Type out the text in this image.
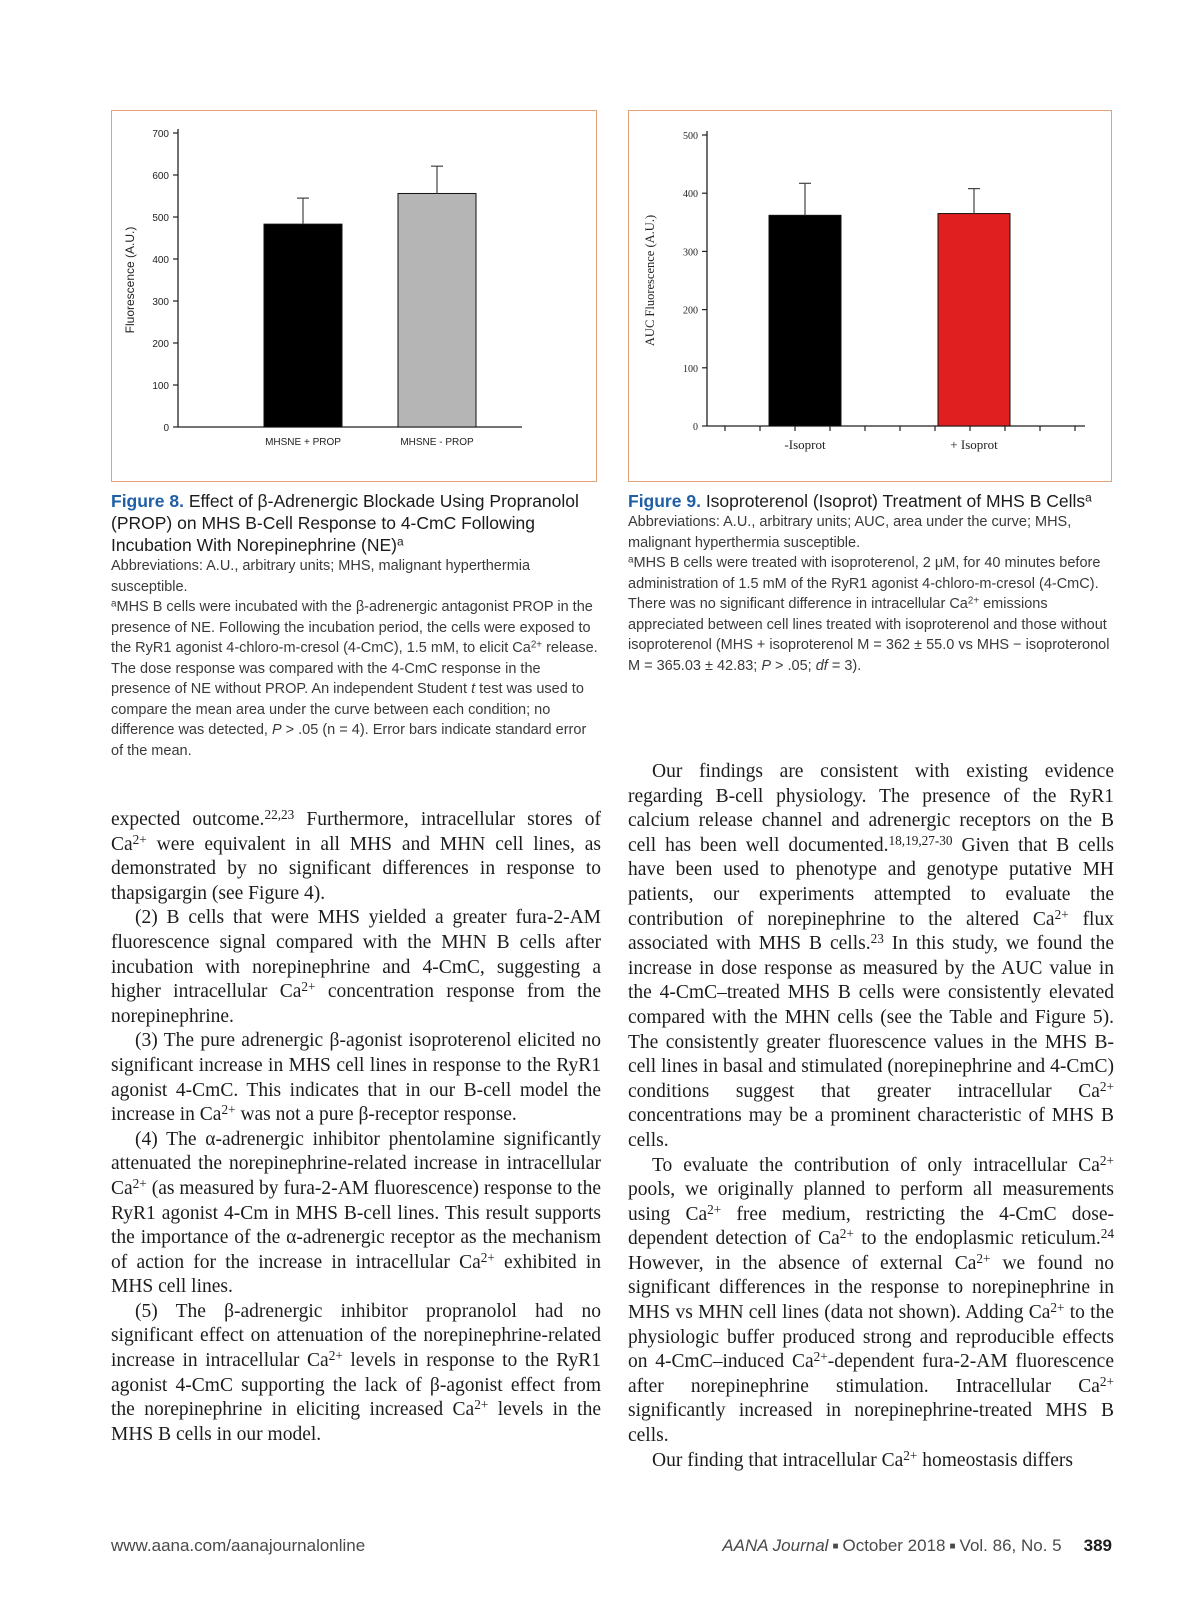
0
100
200
300
400
500
600
700
Fluorescence (A.U.)
MHSNE + PROP	MHSNE - PROP
0
100
200
300
400
500
AUC Fluorescence (A.U.)
-Isoprot	+ Isoprot
Figure 8. Effect of β-Adrenergic Blockade Using Propranolol (PROP) on MHS B-Cell Response to 4-CmC Following Incubation With Norepinephrine (NE)$^a$

Abbreviations: A.U., arbitrary units; MHS, malignant hyperthermia susceptible.

$^a$MHS B cells were incubated with the β-adrenergic antagonist PROP in the presence of NE. Following the incubation period, the cells were exposed to the RyR1 agonist 4-chloro-m-cresol (4-CmC), 1.5 mM, to elicit $Ca^{2+}$ release. The dose response was compared with the 4-CmC response in the presence of NE without PROP. An independent Student t test was used to compare the mean area under the curve between each condition; no difference was detected, P > .05 (n = 4). Error bars indicate standard error of the mean.

Figure 9. Isoproterenol (Isoprot) Treatment of MHS B Cells$^a$

Abbreviations: A.U., arbitrary units; AUC, area under the curve; MHS, malignant hyperthermia susceptible.

$^a$MHS B cells were treated with isoproterenol, 2 μM, for 40 minutes before administration of 1.5 mM of the RyR1 agonist 4-chloro-m-cresol (4-CmC). There was no significant difference in intracellular $Ca^{2+}$ emissions appreciated between cell lines treated with isoproterenol and those without isoproterenol (MHS + isoproterenol M = 362 ± 55.0 vs MHS − isoproteronol M = 365.03 ± 42.83; P > .05; df = 3).

expected outcome.$^{22,23}$ Furthermore, intracellular stores of $Ca^{2+}$ were equivalent in all MHS and MHN cell lines, as demonstrated by no significant differences in response to thapsigargin (see Figure 4).

(2) B cells that were MHS yielded a greater fura-2-AM fluorescence signal compared with the MHN B cells after incubation with norepinephrine and 4-CmC, suggesting a higher intracellular $Ca^{2+}$ concentration response from the norepinephrine.

(3) The pure adrenergic β-agonist isoproterenol elicited no significant increase in MHS cell lines in response to the RyR1 agonist 4-CmC. This indicates that in our B-cell model the increase in $Ca^{2+}$ was not a pure β-receptor response.

(4) The α-adrenergic inhibitor phentolamine significantly attenuated the norepinephrine-related increase in intracellular $Ca^{2+}$ (as measured by fura-2-AM fluorescence) response to the RyR1 agonist 4-Cm in MHS B-cell lines. This result supports the importance of the α-adrenergic receptor as the mechanism of action for the increase in intracellular $Ca^{2+}$ exhibited in MHS cell lines.

(5) The β-adrenergic inhibitor propranolol had no significant effect on attenuation of the norepinephrine-related increase in intracellular $Ca^{2+}$ levels in response to the RyR1 agonist 4-CmC supporting the lack of β-agonist effect from the norepinephrine in eliciting increased $Ca^{2+}$ levels in the MHS B cells in our model.

Our findings are consistent with existing evidence regarding B-cell physiology. The presence of the RyR1 calcium release channel and adrenergic receptors on the B cell has been well documented.$^{18,19,27-30}$ Given that B cells have been used to phenotype and genotype putative MH patients, our experiments attempted to evaluate the contribution of norepinephrine to the altered $Ca^{2+}$ flux associated with MHS B cells.$^{23}$ In this study, we found the increase in dose response as measured by the AUC value in the 4-CmC–treated MHS B cells were consistently elevated compared with the MHN cells (see the Table and Figure 5). The consistently greater fluorescence values in the MHS B-cell lines in basal and stimulated (norepinephrine and 4-CmC) conditions suggest that greater intracellular $Ca^{2+}$ concentrations may be a prominent characteristic of MHS B cells.

To evaluate the contribution of only intracellular $Ca^{2+}$ pools, we originally planned to perform all measurements using $Ca^{2+}$ free medium, restricting the 4-CmC dose-dependent detection of $Ca^{2+}$ to the endoplasmic reticulum.$^{24}$ However, in the absence of external $Ca^{2+}$ we found no significant differences in the response to norepinephrine in MHS vs MHN cell lines (data not shown). Adding $Ca^{2+}$ to the physiologic buffer produced strong and reproducible effects on 4-CmC–induced $Ca^{2+}$-dependent fura-2-AM fluorescence after norepinephrine stimulation. Intracellular $Ca^{2+}$ significantly increased in norepinephrine-treated MHS B cells.

Our finding that intracellular $Ca^{2+}$ homeostasis differs

www.aana.com/aanajournalonline	AANA Journal ■ October 2018 ■ Vol. 86, No. 5 389
